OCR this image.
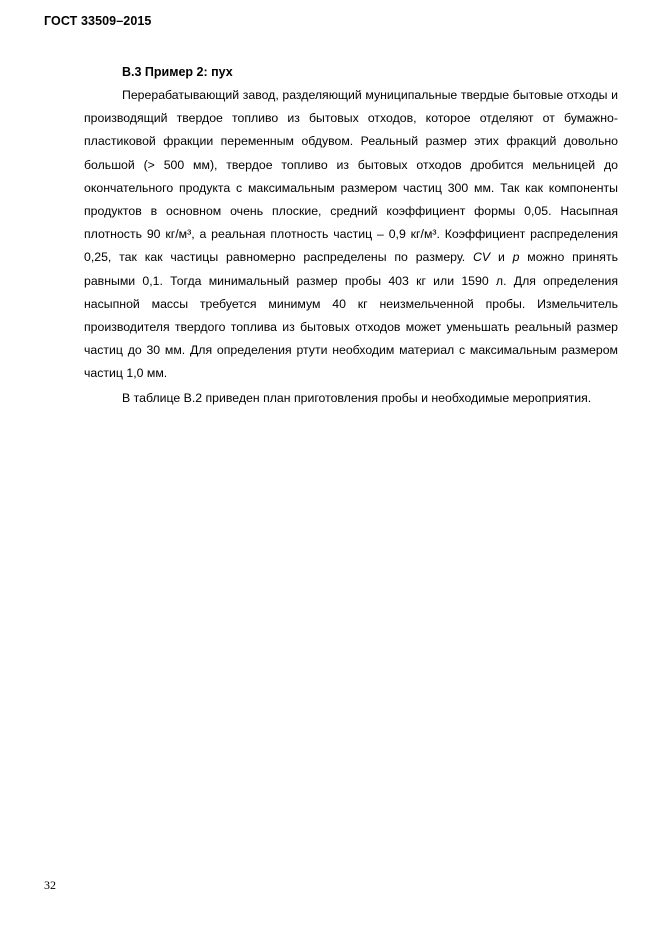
ГОСТ 33509–2015
В.3 Пример 2: пух

Перерабатывающий завод, разделяющий муниципальные твердые бытовые отходы и производящий твердое топливо из бытовых отходов, которое отделяют от бумажно-пластиковой фракции переменным обдувом. Реальный размер этих фракций довольно большой (> 500 мм), твердое топливо из бытовых отходов дробится мельницей до окончательного продукта с максимальным размером частиц 300 мм. Так как компоненты продуктов в основном очень плоские, средний коэффициент формы 0,05. Насыпная плотность 90 кг/м³, а реальная плотность частиц – 0,9 кг/м³. Коэффициент распределения 0,25, так как частицы равномерно распределены по размеру. CV и p можно принять равными 0,1. Тогда минимальный размер пробы 403 кг или 1590 л. Для определения насыпной массы требуется минимум 40 кг неизмельченной пробы. Измельчитель производителя твердого топлива из бытовых отходов может уменьшать реальный размер частиц до 30 мм. Для определения ртути необходим материал с максимальным размером частиц 1,0 мм.

В таблице В.2 приведен план приготовления пробы и необходимые мероприятия.

32
